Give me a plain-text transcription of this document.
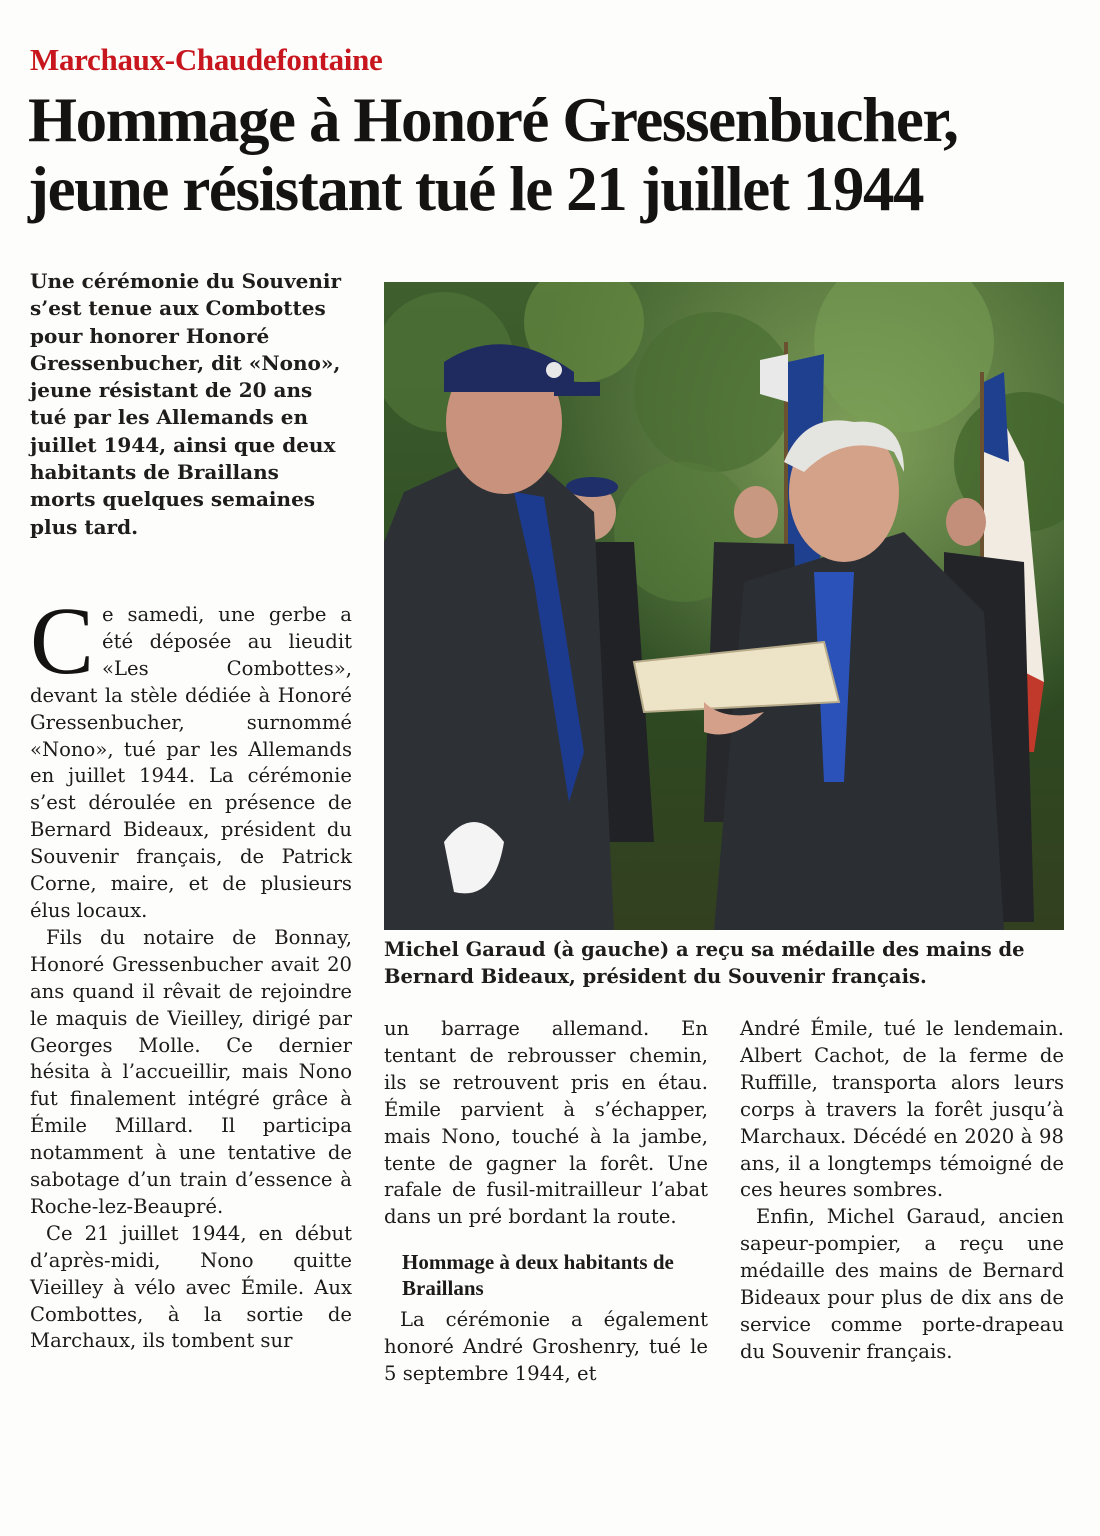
Marchaux-Chaudefontaine
Hommage à Honoré Gressenbucher,
jeune résistant tué le 21 juillet 1944
Une cérémonie du Souvenir s’est tenue aux Combottes pour honorer Honoré Gressenbucher, dit «Nono», jeune résistant de 20 ans tué par les Allemands en juillet 1944, ainsi que deux habitants de Braillans morts quelques semaines plus tard.

C e samedi, une gerbe a été déposée au lieudit «Les Combottes», devant la stèle dédiée à Honoré Gressenbucher, surnommé «Nono», tué par les Allemands en juillet 1944. La cérémonie s’est déroulée en présence de Bernard Bideaux, président du Souvenir français, de Patrick Corne, maire, et de plusieurs élus locaux.

Fils du notaire de Bonnay, Honoré Gressenbucher avait 20 ans quand il rêvait de rejoindre le maquis de Vieilley, dirigé par Georges Molle. Ce dernier hésita à l’accueillir, mais Nono fut finalement intégré grâce à Émile Millard. Il participa notamment à une tentative de sabotage d’un train d’essence à Roche-lez-Beaupré.

Ce 21 juillet 1944, en début d’après-midi, Nono quitte Vieilley à vélo avec Émile. Aux Combottes, à la sortie de Marchaux, ils tombent sur

Michel Garaud (à gauche) a reçu sa médaille des mains de Bernard Bideaux, président du Souvenir français.

un barrage allemand. En tentant de rebrousser chemin, ils se retrouvent pris en étau. Émile parvient à s’échapper, mais Nono, touché à la jambe, tente de gagner la forêt. Une rafale de fusil-mitrailleur l’abat dans un pré bordant la route.

Hommage à deux habitants de Braillans

La cérémonie a également honoré André Groshenry, tué le 5 septembre 1944, et

André Émile, tué le lendemain. Albert Cachot, de la ferme de Ruffille, transporta alors leurs corps à travers la forêt jusqu’à Marchaux. Décédé en 2020 à 98 ans, il a longtemps témoigné de ces heures sombres.

Enfin, Michel Garaud, ancien sapeur-pompier, a reçu une médaille des mains de Bernard Bideaux pour plus de dix ans de service comme porte-drapeau du Souvenir français.
